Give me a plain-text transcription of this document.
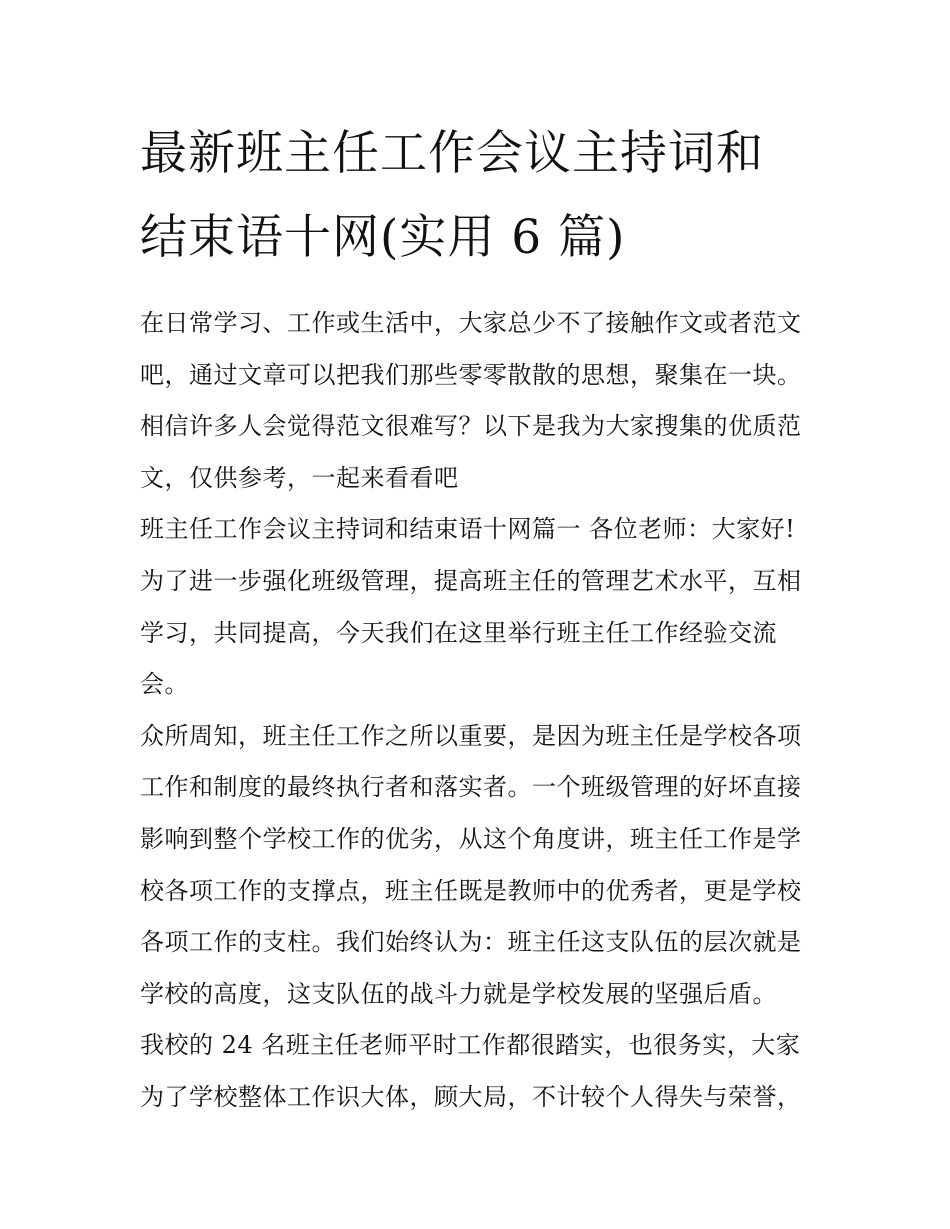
最新班主任工作会议主持词和
结束语十网(实用 6 篇)
在日常学习、工作或生活中，大家总少不了接触作文或者范文
吧，通过文章可以把我们那些零零散散的思想，聚集在一块。
相信许多人会觉得范文很难写？以下是我为大家搜集的优质范
文，仅供参考，一起来看看吧
班主任工作会议主持词和结束语十网篇一 各位老师：大家好!
为了进一步强化班级管理，提高班主任的管理艺术水平，互相
学习，共同提高，今天我们在这里举行班主任工作经验交流
会。
众所周知，班主任工作之所以重要，是因为班主任是学校各项
工作和制度的最终执行者和落实者。一个班级管理的好坏直接
影响到整个学校工作的优劣，从这个角度讲，班主任工作是学
校各项工作的支撑点，班主任既是教师中的优秀者，更是学校
各项工作的支柱。我们始终认为：班主任这支队伍的层次就是
学校的高度，这支队伍的战斗力就是学校发展的坚强后盾。
我校的 24 名班主任老师平时工作都很踏实，也很务实，大家
为了学校整体工作识大体，顾大局，不计较个人得失与荣誉，
